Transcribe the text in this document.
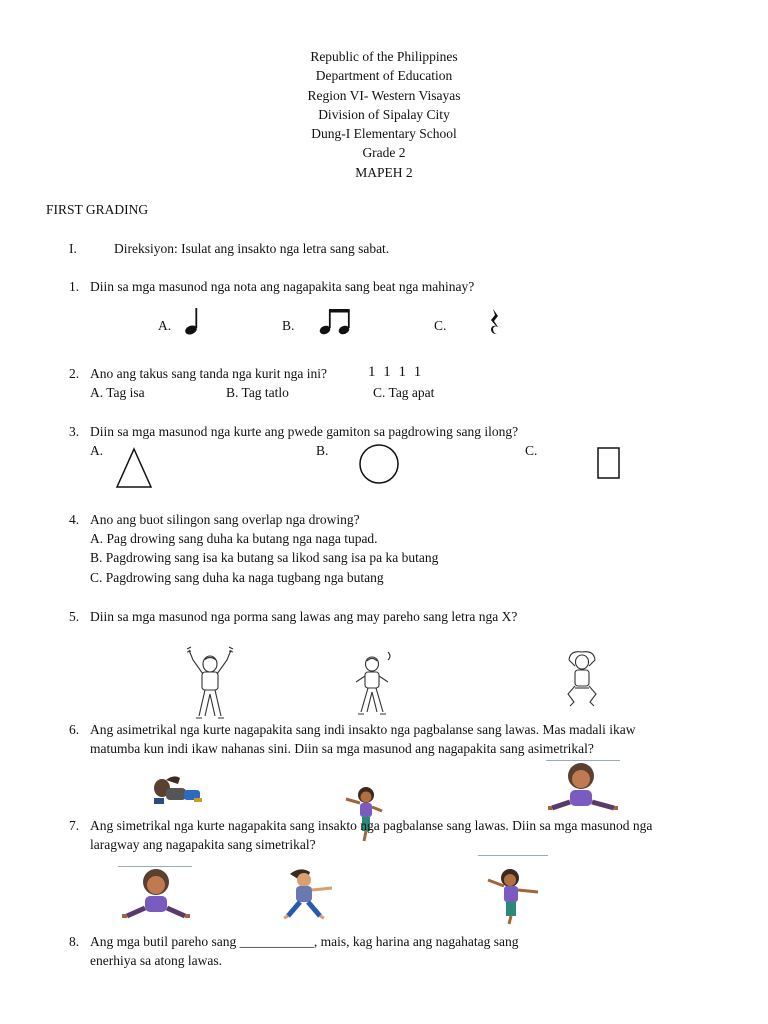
Republic of the Philippines
Department of Education
Region VI- Western Visayas
Division of Sipalay City
Dung-I Elementary School
Grade 2
MAPEH 2
FIRST GRADING
I.	Direksiyon: Isulat ang insakto nga letra sang sabat.
1. Diin sa mga masunod nga nota ang nagapakita sang beat nga mahinay?
A.	B.	C.
2. Ano ang takus sang tanda nga kurit nga ini?	1 1 1 1
A. Tag isa	B. Tag tatlo	C. Tag apat
3. Diin sa mga masunod nga kurte ang pwede gamiton sa pagdrowing sang ilong?
A.	B.	C.
4. Ano ang buot silingon sang overlap nga drowing?
A. Pag drowing sang duha ka butang nga naga tupad.
B. Pagdrowing sang isa ka butang sa likod sang isa pa ka butang
C. Pagdrowing sang duha ka naga tugbang nga butang
5. Diin sa mga masunod nga porma sang lawas ang may pareho sang letra nga X?
6. Ang asimetrikal nga kurte nagapakita sang indi insakto nga pagbalanse sang lawas. Mas madali ikaw
matumba kun indi ikaw nahanas sini. Diin sa mga masunod ang nagapakita sang asimetrikal?
7. Ang simetrikal nga kurte nagapakita sang insakto nga pagbalanse sang lawas. Diin sa mga masunod nga
laragway ang nagapakita sang simetrikal?
8. Ang mga butil pareho sang ___________, mais, kag harina ang nagahatag sang
enerhiya sa atong lawas.
